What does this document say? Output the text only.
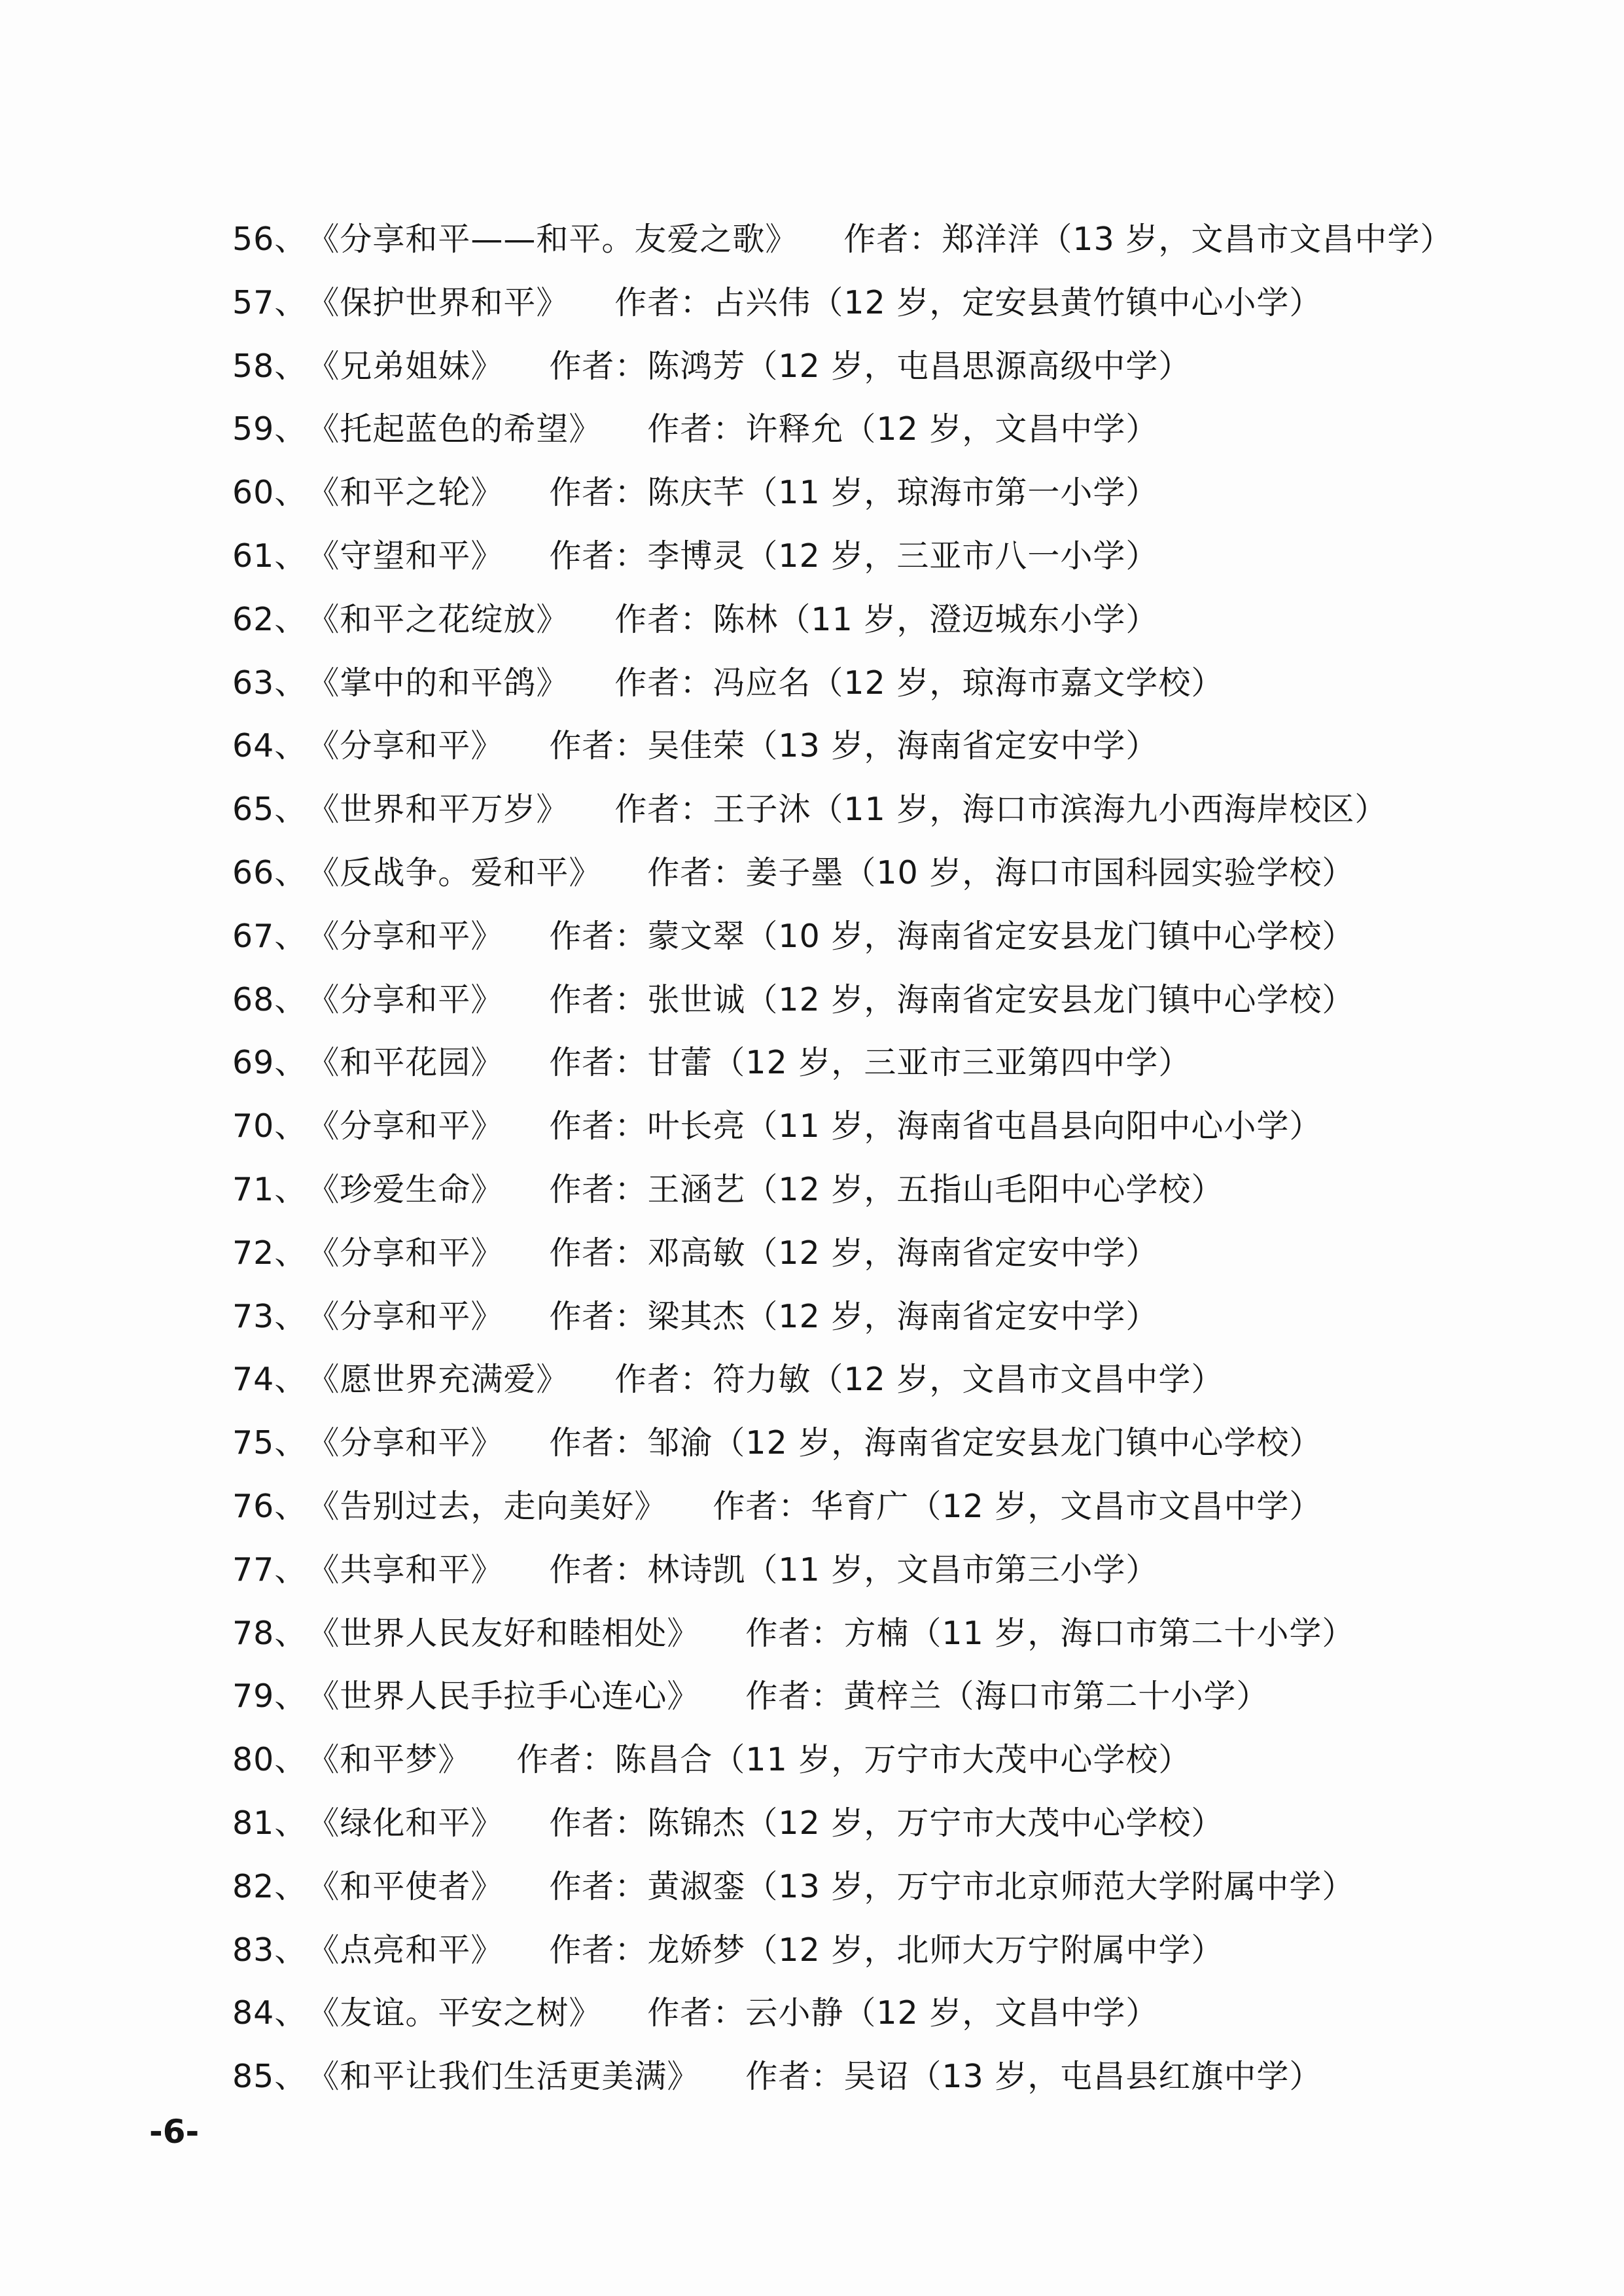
56、《分享和平——和平。友爱之歌》 作者：郑洋洋（13 岁，文昌市文昌中学）
57、《保护世界和平》 作者：占兴伟（12 岁，定安县黄竹镇中心小学）
58、《兄弟姐妹》 作者：陈鸿芳（12 岁，屯昌思源高级中学）
59、《托起蓝色的希望》 作者：许释允（12 岁，文昌中学）
60、《和平之轮》 作者：陈庆芊（11 岁，琼海市第一小学）
61、《守望和平》 作者：李博灵（12 岁，三亚市八一小学）
62、《和平之花绽放》 作者：陈林（11 岁，澄迈城东小学）
63、《掌中的和平鸽》 作者：冯应名（12 岁，琼海市嘉文学校）
64、《分享和平》 作者：吴佳荣（13 岁，海南省定安中学）
65、《世界和平万岁》 作者：王子沐（11 岁，海口市滨海九小西海岸校区）
66、《反战争。爱和平》 作者：姜子墨（10 岁，海口市国科园实验学校）
67、《分享和平》 作者：蒙文翠（10 岁，海南省定安县龙门镇中心学校）
68、《分享和平》 作者：张世诚（12 岁，海南省定安县龙门镇中心学校）
69、《和平花园》 作者：甘蕾（12 岁，三亚市三亚第四中学）
70、《分享和平》 作者：叶长亮（11 岁，海南省屯昌县向阳中心小学）
71、《珍爱生命》 作者：王涵艺（12 岁，五指山毛阳中心学校）
72、《分享和平》 作者：邓高敏（12 岁，海南省定安中学）
73、《分享和平》 作者：梁其杰（12 岁，海南省定安中学）
74、《愿世界充满爱》 作者：符力敏（12 岁，文昌市文昌中学）
75、《分享和平》 作者：邹渝（12 岁，海南省定安县龙门镇中心学校）
76、《告别过去，走向美好》 作者：华育广（12 岁，文昌市文昌中学）
77、《共享和平》 作者：林诗凯（11 岁，文昌市第三小学）
78、《世界人民友好和睦相处》 作者：方楠（11 岁，海口市第二十小学）
79、《世界人民手拉手心连心》 作者：黄梓兰（海口市第二十小学）
80、《和平梦》 作者：陈昌合（11 岁，万宁市大茂中心学校）
81、《绿化和平》 作者：陈锦杰（12 岁，万宁市大茂中心学校）
82、《和平使者》 作者：黄淑銮（13 岁，万宁市北京师范大学附属中学）
83、《点亮和平》 作者：龙娇梦（12 岁，北师大万宁附属中学）
84、《友谊。平安之树》 作者：云小静（12 岁，文昌中学）
85、《和平让我们生活更美满》 作者：吴诏（13 岁，屯昌县红旗中学）
-6-
